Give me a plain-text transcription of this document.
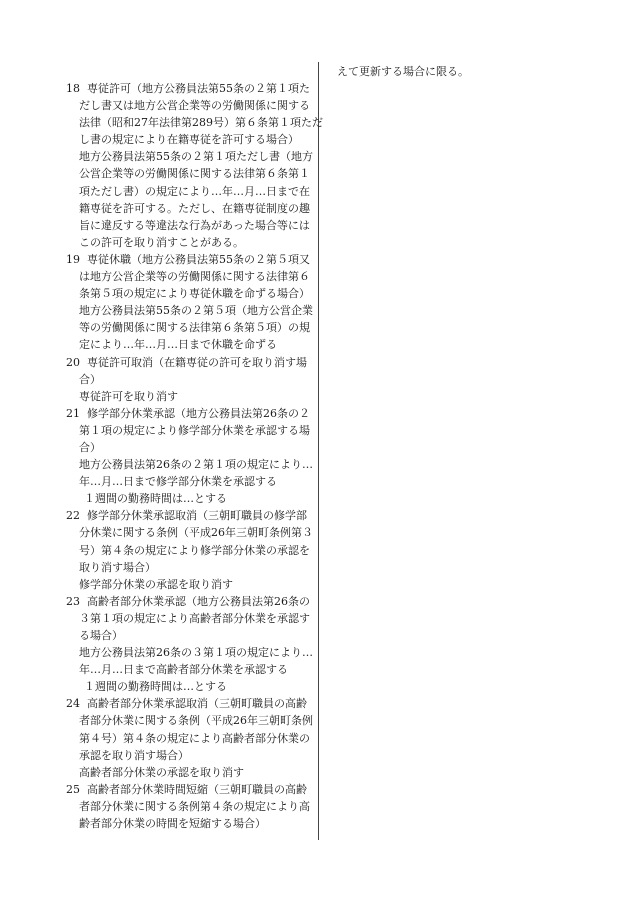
えて更新する場合に限る。
18 専従許可（地方公務員法第55条の２第１項た
だし書又は地方公営企業等の労働関係に関する
法律（昭和27年法律第289号）第６条第１項ただ
し書の規定により在籍専従を許可する場合）
地方公務員法第55条の２第１項ただし書（地方
公営企業等の労働関係に関する法律第６条第１
項ただし書）の規定により…年…月…日まで在
籍専従を許可する。ただし、在籍専従制度の趣
旨に違反する等違法な行為があった場合等には
この許可を取り消すことがある。
19 専従休職（地方公務員法第55条の２第５項又
は地方公営企業等の労働関係に関する法律第６
条第５項の規定により専従休職を命ずる場合）
地方公務員法第55条の２第５項（地方公営企業
等の労働関係に関する法律第６条第５項）の規
定により…年…月…日まで休職を命ずる
20 専従許可取消（在籍専従の許可を取り消す場
合）
専従許可を取り消す
21 修学部分休業承認（地方公務員法第26条の２
第１項の規定により修学部分休業を承認する場
合）
地方公務員法第26条の２第１項の規定により…
年…月…日まで修学部分休業を承認する
１週間の勤務時間は…とする
22 修学部分休業承認取消（三朝町職員の修学部
分休業に関する条例（平成26年三朝町条例第３
号）第４条の規定により修学部分休業の承認を
取り消す場合）
修学部分休業の承認を取り消す
23 高齢者部分休業承認（地方公務員法第26条の
３第１項の規定により高齢者部分休業を承認す
る場合）
地方公務員法第26条の３第１項の規定により…
年…月…日まで高齢者部分休業を承認する
１週間の勤務時間は…とする
24 高齢者部分休業承認取消（三朝町職員の高齢
者部分休業に関する条例（平成26年三朝町条例
第４号）第４条の規定により高齢者部分休業の
承認を取り消す場合）
高齢者部分休業の承認を取り消す
25 高齢者部分休業時間短縮（三朝町職員の高齢
者部分休業に関する条例第４条の規定により高
齢者部分休業の時間を短縮する場合）
